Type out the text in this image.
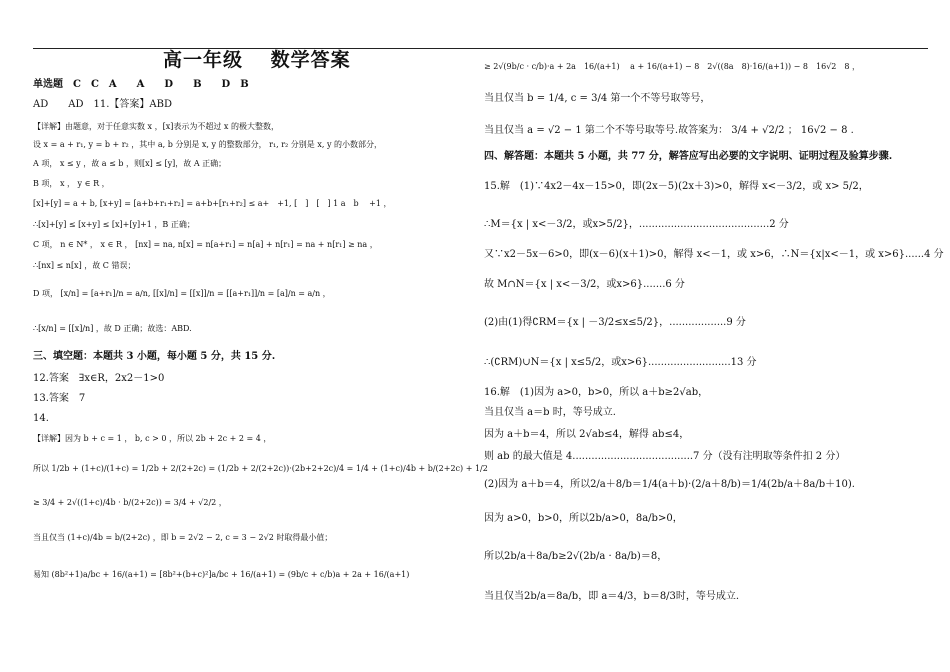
高一年级　 数学答案
单选题　C　C　A　　A　　D　　B　　D　B
AD　　AD　11.【答案】ABD
【详解】由题意，对于任意实数 x ，[x]表示为不超过 x 的极大整数，
设 x = a + r₁, y = b + r₂ ，其中 a, b 分别是 x, y 的整数部分， r₁, r₂ 分别是 x, y 的小数部分，
A 项， x ≤ y ，故 a ≤ b ，则[x] ≤ [y]，故 A 正确；
B 项， x ， y ∈ R ，
[x]+[y] = a + b, [x+y] = [a+b+r₁+r₂] = a+b+[r₁+r₂] ≤ a+　+1, [　]　[　] 1 a　b　 +1 ，
∴[x]+[y] ≤ [x+y] ≤ [x]+[y]+1 ，B 正确；
C 项， n ∈ N* ， x ∈ R ， [nx] = na, n[x] = n[a+r₁] = n[a] + n[r₁] = na + n[r₁] ≥ na ，
∴[nx] ≤ n[x] ，故 C 错误；
D 项， [x/n] = [a+r₁]/n = a/n, [[x]/n] = [[x]]/n = [[a+r₁]]/n = [a]/n = a/n ，
∴[x/n] = [[x]/n] ，故 D 正确；故选：ABD.
三、填空题：本题共 3 小题，每小题 5 分，共 15 分.
12.答案　∃x∈R，2x2－1>0
13.答案　7
14.
【详解】因为 b + c = 1 ， b, c > 0 ，所以 2b + 2c + 2 = 4 ，
所以 1/2b + (1+c)/(1+c) = 1/2b + 2/(2+2c) = (1/2b + 2/(2+2c))·(2b+2+2c)/4 = 1/4 + (1+c)/4b + b/(2+2c) + 1/2
≥ 3/4 + 2√((1+c)/4b · b/(2+2c)) = 3/4 + √2/2 ，
当且仅当 (1+c)/4b = b/(2+2c) ，即 b = 2√2 − 2, c = 3 − 2√2 时取得最小值；
易知 (8b²+1)a/bc + 16/(a+1) = [8b²+(b+c)²]a/bc + 16/(a+1) = (9b/c + c/b)a + 2a + 16/(a+1)
≥ 2√(9b/c · c/b)·a + 2a　16/(a+1)　 a + 16/(a+1) − 8　2√((8a　8)·16/(a+1)) − 8　16√2　8 ，
当且仅当 b = 1/4, c = 3/4 第一个不等号取等号，
当且仅当 a = √2 − 1 第二个不等号取等号.故答案为： 3/4 + √2/2 ； 16√2 − 8 .
四、解答题：本题共 5 小题，共 77 分，解答应写出必要的文字说明、证明过程及验算步骤.
15.解　(1)∵4x2－4x－15>0，即(2x－5)(2x＋3)>0，解得 x<－3/2，或 x> 5/2，
∴M＝{x | x<－3/2，或x>5/2}，.........................................2 分
又∵x2－5x－6>0，即(x－6)(x＋1)>0，解得 x<－1，或 x>6，∴N＝{x|x<－1，或 x>6}......4 分
故 M∩N＝{x | x<－3/2，或x>6}.......6 分
(2)由(1)得∁RM＝{x | －3/2≤x≤5/2}，..................9 分
∴(∁RM)∪N＝{x | x≤5/2，或x>6}..........................13 分
16.解　(1)因为 a>0，b>0，所以 a＋b≥2√ab，
当且仅当 a＝b 时，等号成立.
因为 a＋b＝4，所以 2√ab≤4，解得 ab≤4，
则 ab 的最大值是 4......................................7 分（没有注明取等条件扣 2 分）
(2)因为 a＋b＝4，所以2/a＋8/b＝1/4(a＋b)·(2/a＋8/b)＝1/4(2b/a＋8a/b＋10).
因为 a>0，b>0，所以2b/a>0，8a/b>0，
所以2b/a＋8a/b≥2√(2b/a · 8a/b)＝8，
当且仅当2b/a＝8a/b，即 a＝4/3，b＝8/3时，等号成立.
